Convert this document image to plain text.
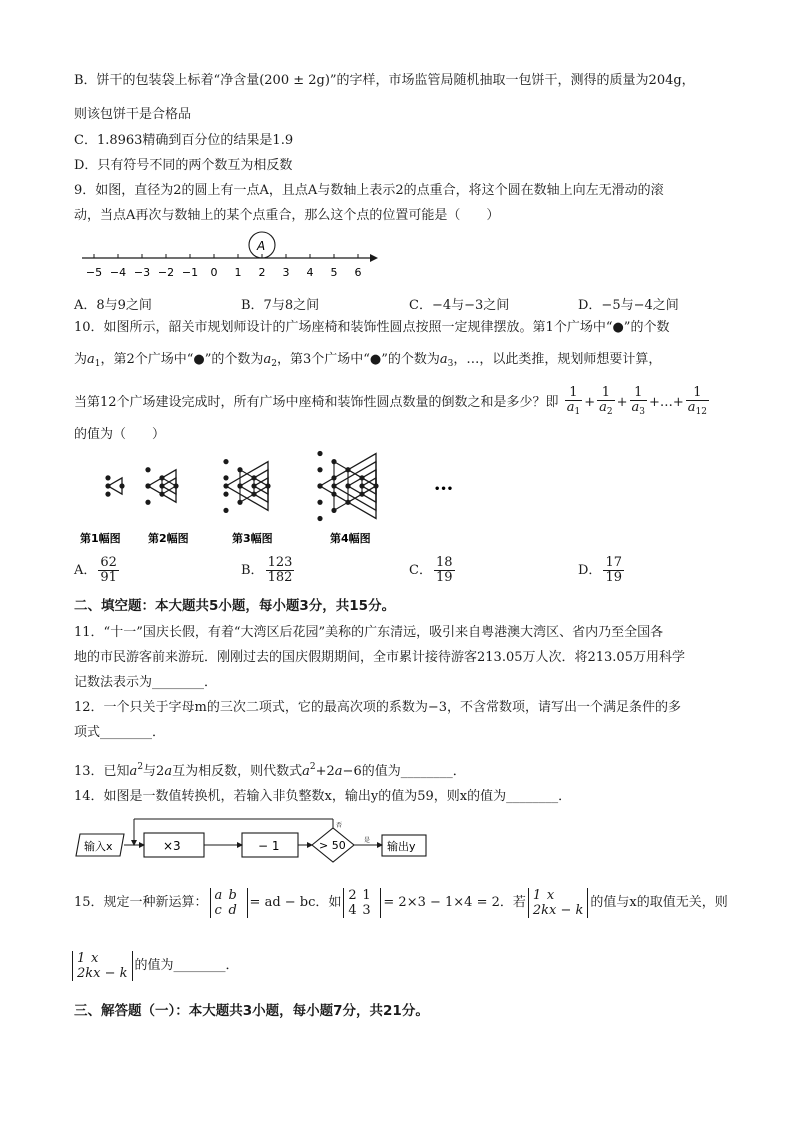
B．饼干的包装袋上标着“净含量(200 ± 2g)”的字样，市场监管局随机抽取一包饼干，测得的质量为204g，
则该包饼干是合格品
C．1.8963精确到百分位的结果是1.9
D．只有符号不同的两个数互为相反数
9．如图，直径为2的圆上有一点A，且点A与数轴上表示2的点重合，将这个圆在数轴上向左无滑动的滚
动，当点A再次与数轴上的某个点重合，那么这个点的位置可能是（　　）
−5 −4 −3 −2 −1 0 1 2 3 4 5 6
A
A．8与9之间	B．7与8之间	C．−4与−3之间	D．−5与−4之间
10．如图所示，韶关市规划师设计的广场座椅和装饰性圆点按照一定规律摆放。第1个广场中“●”的个数
为$a_1$，第2个广场中“●”的个数为$a_2$，第3个广场中“●”的个数为$a_3$，…，以此类推，规划师想要计算，
当第12个广场建设完成时，所有广场中座椅和装饰性圆点数量的倒数之和是多少？即 $\frac{1}{a_1} + \frac{1}{a_2} + \frac{1}{a_3}$ +…+ $\frac{1}{a_{12}}$
的值为（　　）
第1幅图 第2幅图	第3幅图	第4幅图
•••
A． $\frac{62}{91}$	B． $\frac{123}{182}$	C． $\frac{18}{19}$	D． $\frac{17}{19}$
二、填空题：本大题共5小题，每小题3分，共15分。
11．“十一”国庆长假，有着“大湾区后花园”美称的广东清远，吸引来自粤港澳大湾区、省内乃至全国各
地的市民游客前来游玩．刚刚过去的国庆假期期间，全市累计接待游客213.05万人次．将213.05万用科学
记数法表示为________．
12．一个只关于字母m的三次二项式，它的最高次项的系数为−3，不含常数项，请写出一个满足条件的多
项式________．
13．已知$a^2$与2a互为相反数，则代数式$a^2+2a-6$的值为________．
14．如图是一数值转换机，若输入非负整数x，输出y的值为59，则x的值为________．
输入x	×3	− 1	> 50
否
是 输出y
15．规定一种新运算： a b
c d = ad − bc．如 2 1
4 3 = 2×3 − 1×4 = 2．若 1 x
2kx − k 的值与x的取值无关，则
1 x
2kx − k 的值为________．
三、解答题（一）：本大题共3小题，每小题7分，共21分。
